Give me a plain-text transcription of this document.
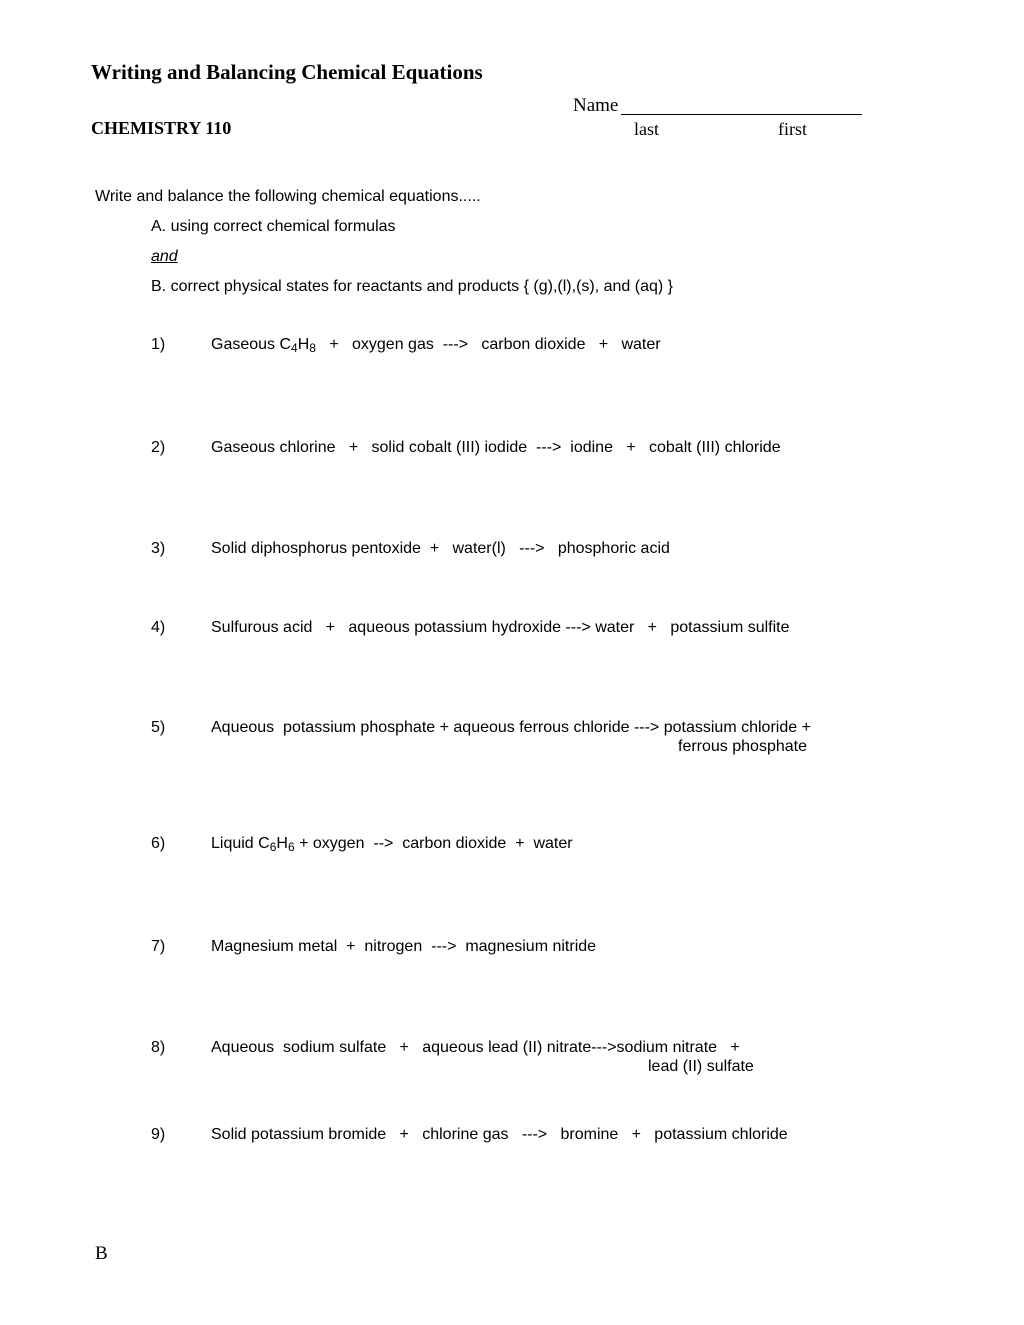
Writing and Balancing Chemical Equations
CHEMISTRY 110
Name
last	first
Write and balance the following chemical equations.....
A. using correct chemical formulas
and
B. correct physical states for reactants and products { (g),(l),(s), and (aq) }
1)	Gaseous $C_4H_8$   +   oxygen gas  --->   carbon dioxide   +   water
2)	Gaseous chlorine   +   solid cobalt (III) iodide  --->  iodine   +   cobalt (III) chloride
3)	Solid diphosphorus pentoxide  +   water(l)   --->   phosphoric acid
4)	Sulfurous acid   +   aqueous potassium hydroxide ---> water   +   potassium sulfite
5)	Aqueous  potassium phosphate + aqueous ferrous chloride ---> potassium chloride +
ferrous phosphate
6)	Liquid $C_6H_6$ + oxygen  -->  carbon dioxide  +  water
7)	Magnesium metal  +  nitrogen  --->  magnesium nitride
8)	Aqueous  sodium sulfate   +   aqueous lead (II) nitrate--->sodium nitrate   +
lead (II) sulfate
9)	Solid potassium bromide   +   chlorine gas   --->   bromine   +   potassium chloride
B
